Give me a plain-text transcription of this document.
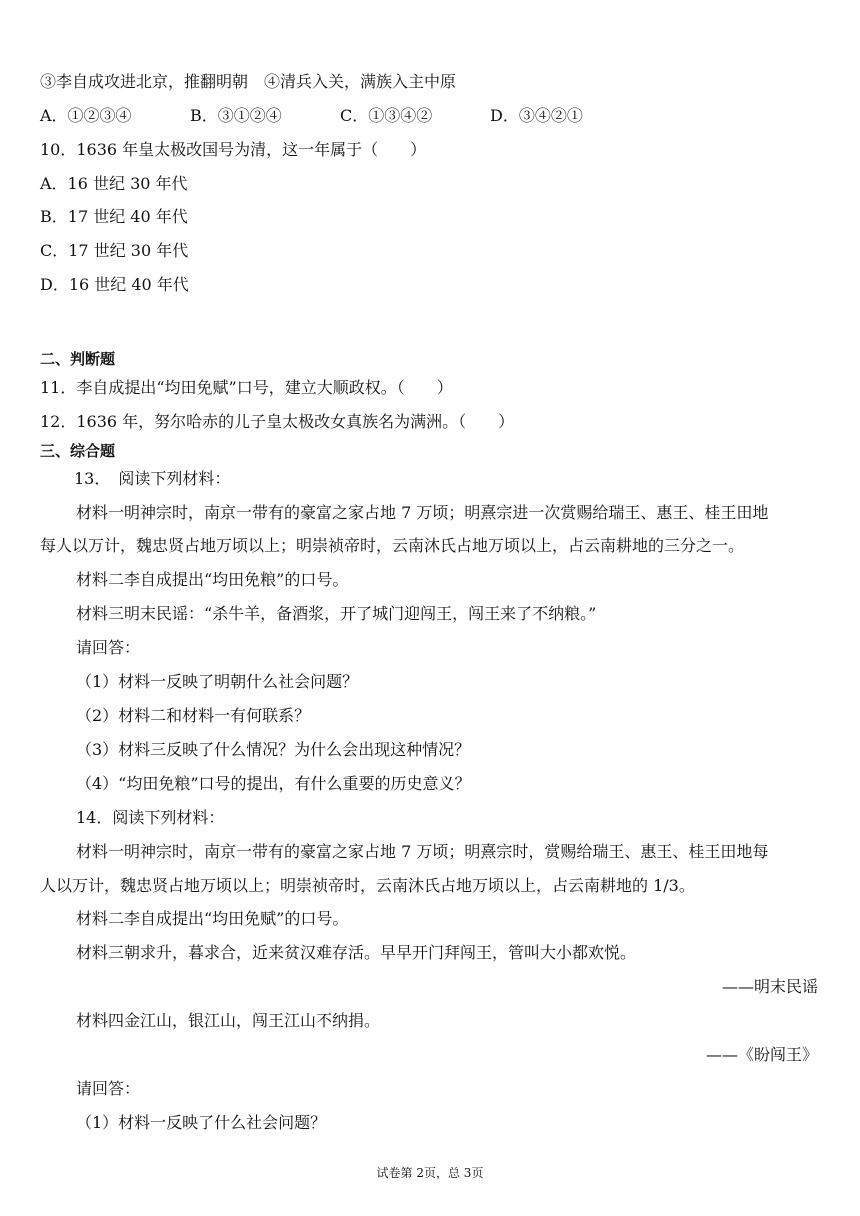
③李自成攻进北京，推翻明朝　④清兵入关，满族入主中原
A．①②③④	B．③①②④	C．①③④②	D．③④②①
10．1636 年皇太极改国号为清，这一年属于（　　）
A．16 世纪 30 年代
B．17 世纪 40 年代
C．17 世纪 30 年代
D．16 世纪 40 年代
二、判断题
11．李自成提出“均田免赋”口号，建立大顺政权。（　　）
12．1636 年，努尔哈赤的儿子皇太极改女真族名为满洲。（　　）
三、综合题
13．　阅读下列材料：
材料一明神宗时，南京一带有的豪富之家占地 7 万顷；明熹宗进一次赏赐给瑞王、惠王、桂王田地
每人以万计，魏忠贤占地万顷以上；明崇祯帝时，云南沐氏占地万顷以上，占云南耕地的三分之一。
材料二李自成提出“均田免粮”的口号。
材料三明末民谣：“杀牛羊，备酒浆，开了城门迎闯王，闯王来了不纳粮。”
请回答：
（1）材料一反映了明朝什么社会问题？
（2）材料二和材料一有何联系？
（3）材料三反映了什么情况？为什么会出现这种情况？
（4）“均田免粮”口号的提出，有什么重要的历史意义？
14．阅读下列材料：
材料一明神宗时，南京一带有的豪富之家占地 7 万顷；明熹宗时，赏赐给瑞王、惠王、桂王田地每
人以万计，魏忠贤占地万顷以上；明崇祯帝时，云南沐氏占地万顷以上，占云南耕地的 1/3。
材料二李自成提出“均田免赋”的口号。
材料三朝求升，暮求合，近来贫汉难存活。早早开门拜闯王，管叫大小都欢悦。
——明末民谣
材料四金江山，银江山，闯王江山不纳捐。
——《盼闯王》
请回答：
（1）材料一反映了什么社会问题？
试卷第 2页，总 3页
